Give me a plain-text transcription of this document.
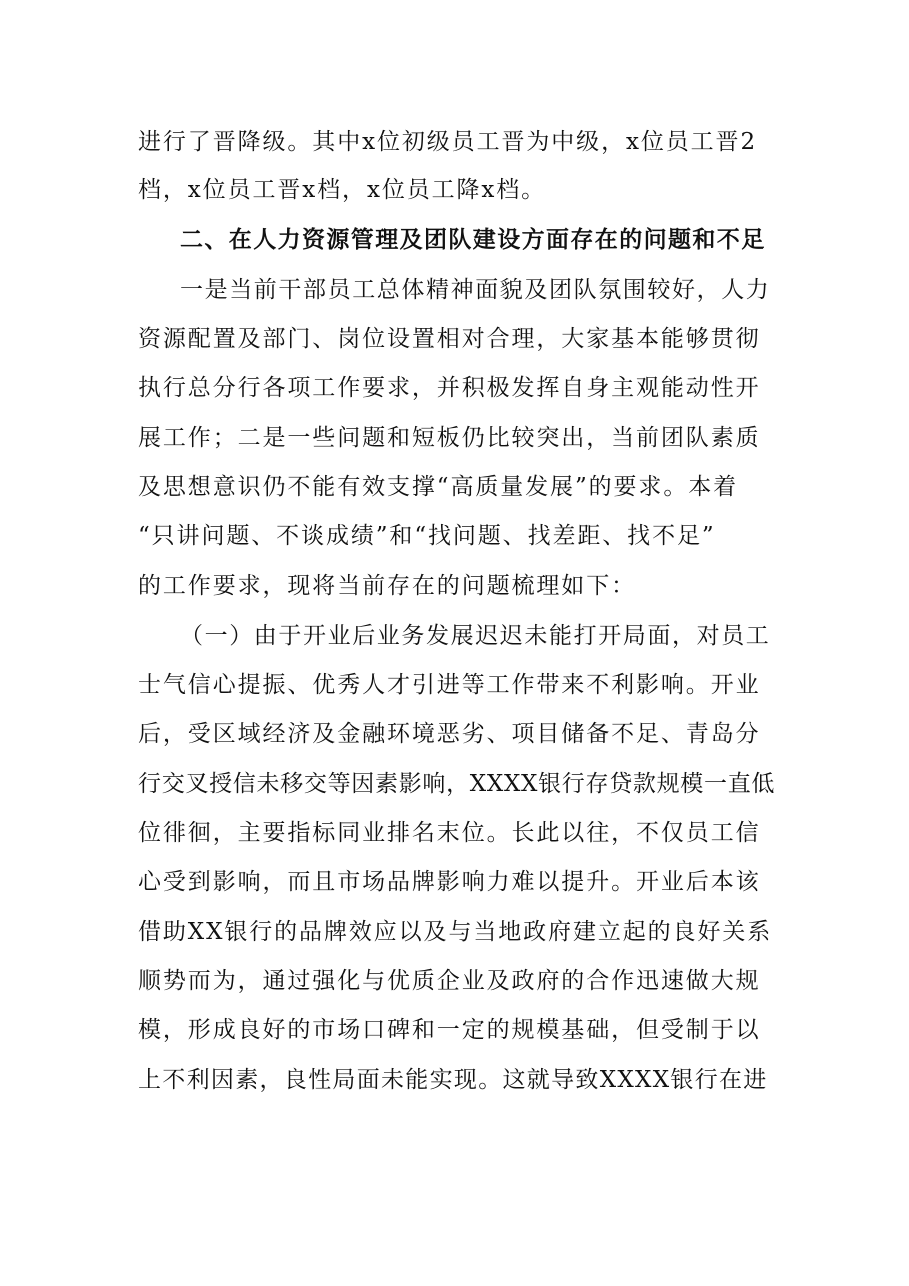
进行了晋降级。其中x位初级员工晋为中级，x位员工晋2
档，x位员工晋x档，x位员工降x档。
二、在人力资源管理及团队建设方面存在的问题和不足
一是当前干部员工总体精神面貌及团队氛围较好，人力
资源配置及部门、岗位设置相对合理，大家基本能够贯彻
执行总分行各项工作要求，并积极发挥自身主观能动性开
展工作；二是一些问题和短板仍比较突出，当前团队素质
及思想意识仍不能有效支撑“高质量发展”的要求。本着
“只讲问题、不谈成绩”和“找问题、找差距、找不足”
的工作要求，现将当前存在的问题梳理如下：
（一）由于开业后业务发展迟迟未能打开局面，对员工
士气信心提振、优秀人才引进等工作带来不利影响。开业
后，受区域经济及金融环境恶劣、项目储备不足、青岛分
行交叉授信未移交等因素影响，XXXX银行存贷款规模一直低
位徘徊，主要指标同业排名末位。长此以往，不仅员工信
心受到影响，而且市场品牌影响力难以提升。开业后本该
借助XX银行的品牌效应以及与当地政府建立起的良好关系
顺势而为，通过强化与优质企业及政府的合作迅速做大规
模，形成良好的市场口碑和一定的规模基础，但受制于以
上不利因素，良性局面未能实现。这就导致XXXX银行在进
